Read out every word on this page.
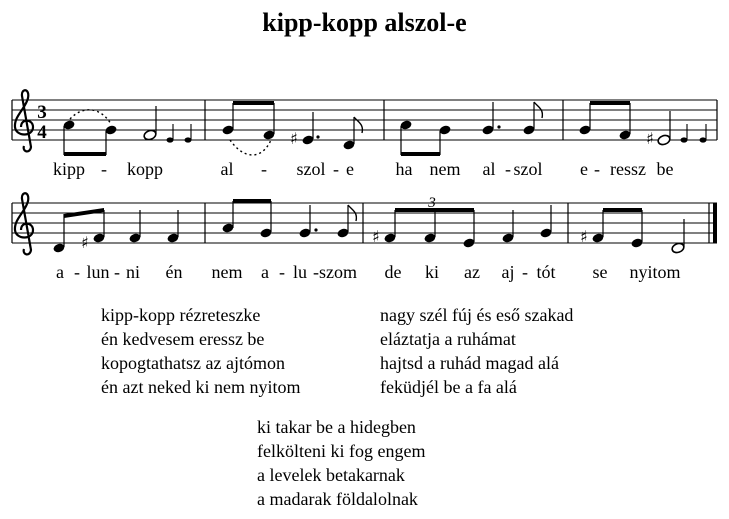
kipp-kopp alszol-e
3
4	♯	♯
kipp - kopp	al - szol - e ha nem al - szol e - ressz be
♯	♯
3
♯
a - lun - ni én nem a - lu - szom de ki az aj - tót se nyitom
kipp-kopp rézreteszke
én kedvesem eressz be
kopogtathatsz az ajtómon
én azt neked ki nem nyitom
nagy szél fúj és eső szakad
eláztatja a ruhámat
hajtsd a ruhád magad alá
feküdjél be a fa alá
ki takar be a hidegben
felkölteni ki fog engem
a levelek betakarnak
a madarak földalolnak
